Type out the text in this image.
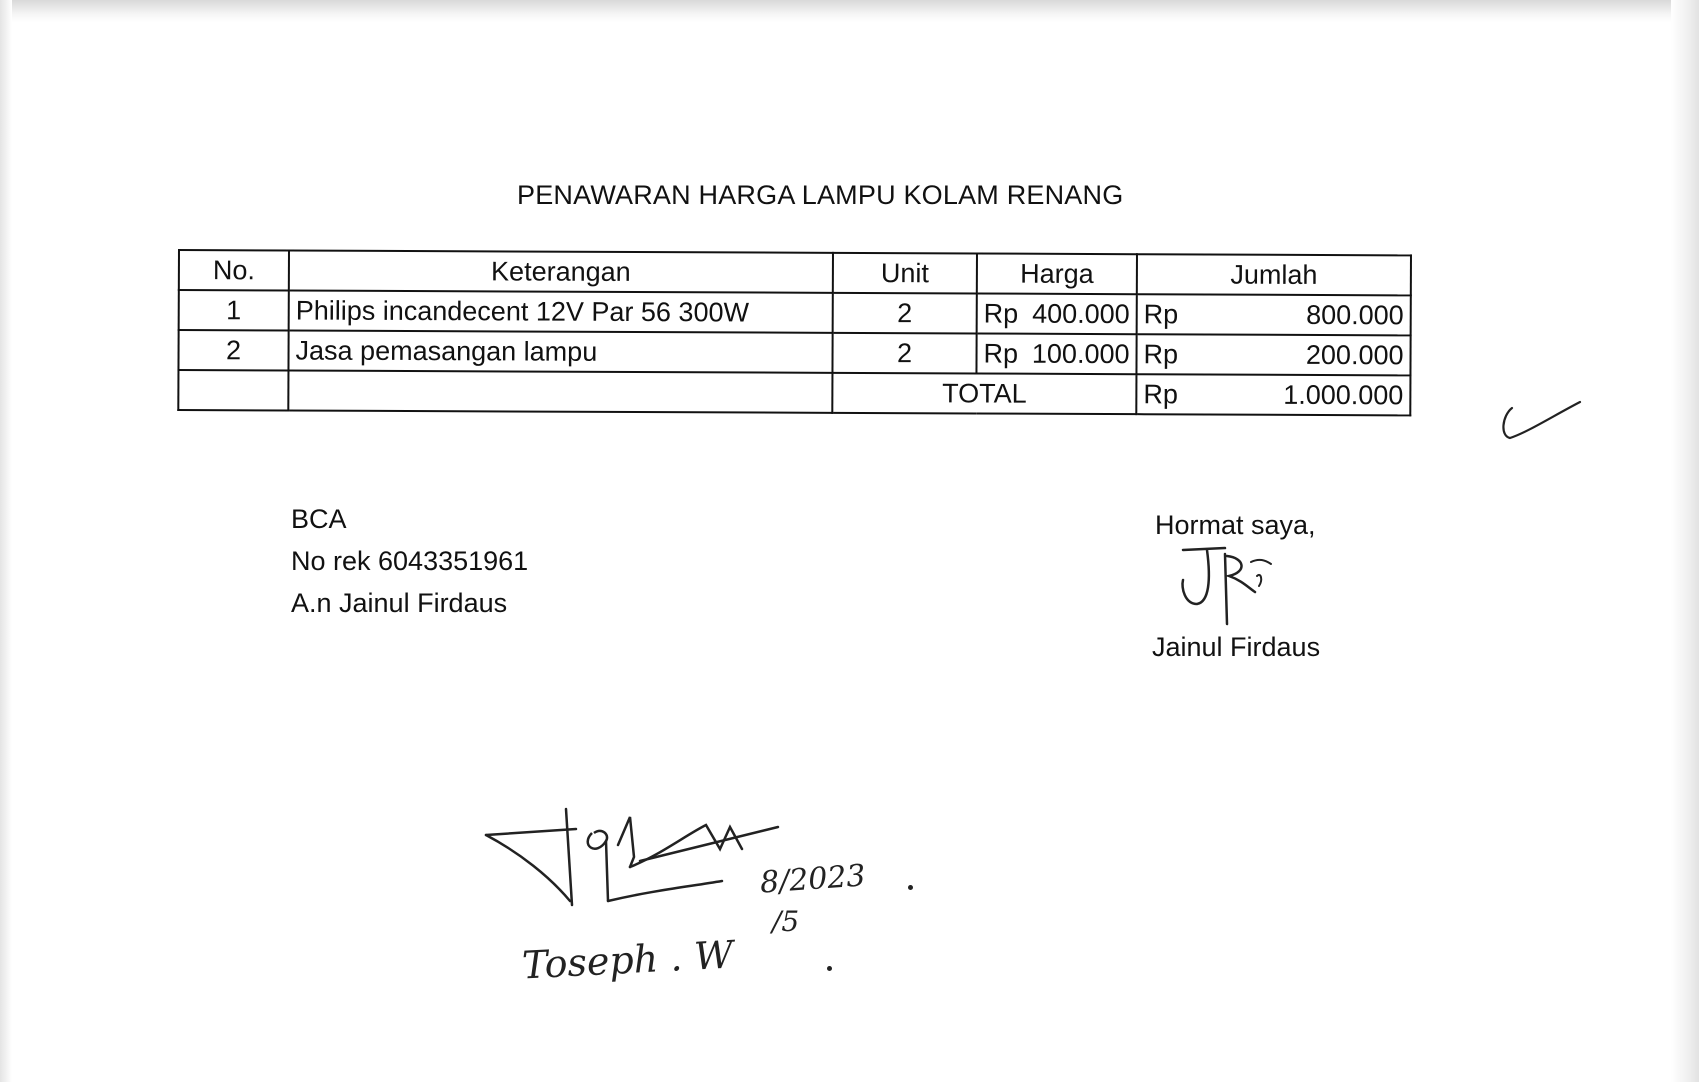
PENAWARAN HARGA LAMPU KOLAM RENANG
No.	Keterangan	Unit	Harga	Jumlah
1	Philips incandecent 12V Par 56 300W	2	Rp 400.000	Rp 800.000

2	Jasa pemasangan lampu	2	Rp 100.000	Rp 200.000

		TOTAL		Rp 1.000.000
BCA
No rek 6043351961
A.n Jainul Firdaus
Hormat saya,
Jainul Firdaus
8/2023
/5
Toseph . W
